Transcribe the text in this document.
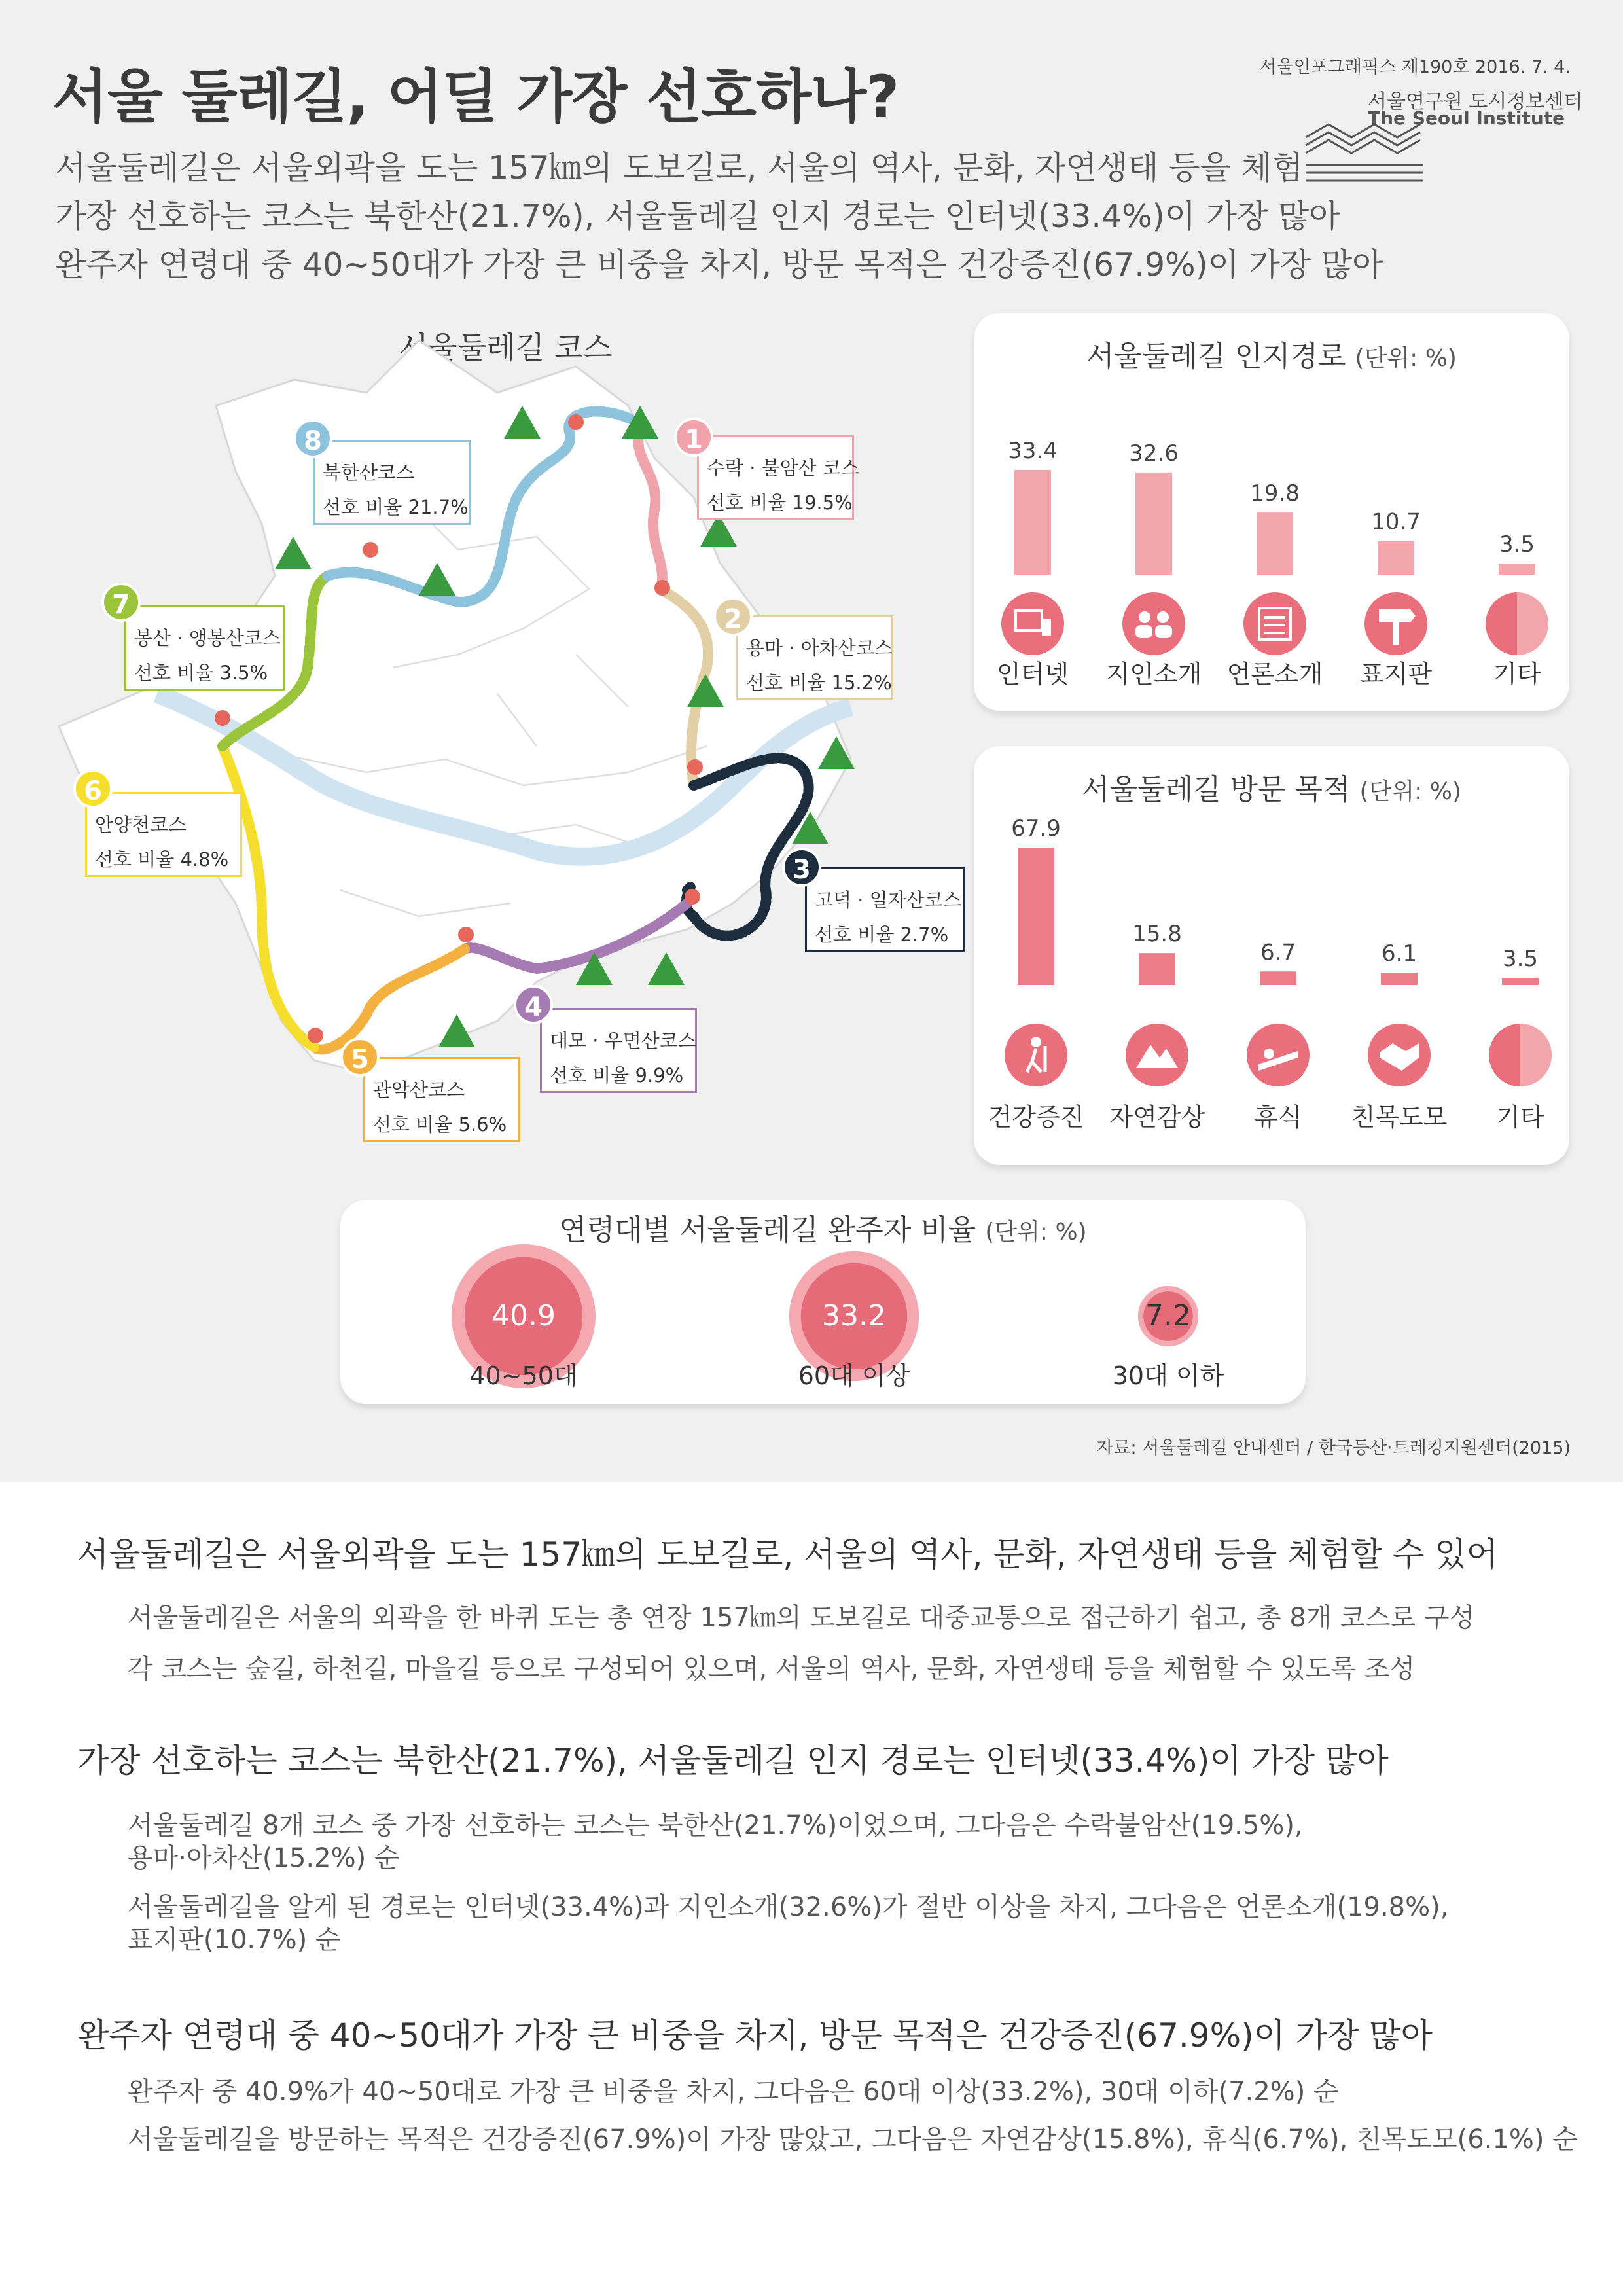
서울 둘레길, 어딜 가장 선호하나?
서울둘레길은 서울외곽을 도는 157㎞의 도보길로, 서울의 역사, 문화, 자연생태 등을 체험
가장 선호하는 코스는 북한산(21.7%), 서울둘레길 인지 경로는 인터넷(33.4%)이 가장 많아
완주자 연령대 중 40~50대가 가장 큰 비중을 차지, 방문 목적은 건강증진(67.9%)이 가장 많아
서울인포그래픽스 제190호 2016. 7. 4.
서울연구원 도시정보센터
The Seoul Institute
서울둘레길 코스
수락 · 불암산 코스
선호 비율 19.5%
1
용마 · 아차산코스
선호 비율 15.2%
2
고덕 · 일자산코스
선호 비율 2.7%
3
대모 · 우면산코스
선호 비율 9.9%
4
관악산코스
선호 비율 5.6%
5
안양천코스
선호 비율 4.8%
6
봉산 · 앵봉산코스
선호 비율 3.5%
7
북한산코스
선호 비율 21.7%
8
서울둘레길 인지경로 (단위: %)
33.4
인터넷
32.6
지인소개
19.8
언론소개
10.7
표지판
3.5
기타
서울둘레길 방문 목적 (단위: %)
67.9
건강증진
15.8
자연감상
6.7
휴식
6.1
친목도모
3.5
기타
연령대별 서울둘레길 완주자 비율 (단위: %)
40.9
40~50대
33.2
60대 이상
7.2
30대 이하
자료: 서울둘레길 안내센터 / 한국등산·트레킹지원센터(2015)
서울둘레길은 서울외곽을 도는 157㎞의 도보길로, 서울의 역사, 문화, 자연생태 등을 체험할 수 있어
서울둘레길은 서울의 외곽을 한 바퀴 도는 총 연장 157㎞의 도보길로 대중교통으로 접근하기 쉽고, 총 8개 코스로 구성
각 코스는 숲길, 하천길, 마을길 등으로 구성되어 있으며, 서울의 역사, 문화, 자연생태 등을 체험할 수 있도록 조성
가장 선호하는 코스는 북한산(21.7%), 서울둘레길 인지 경로는 인터넷(33.4%)이 가장 많아
서울둘레길 8개 코스 중 가장 선호하는 코스는 북한산(21.7%)이었으며, 그다음은 수락불암산(19.5%),
용마·아차산(15.2%) 순
서울둘레길을 알게 된 경로는 인터넷(33.4%)과 지인소개(32.6%)가 절반 이상을 차지, 그다음은 언론소개(19.8%),
표지판(10.7%) 순
완주자 연령대 중 40~50대가 가장 큰 비중을 차지, 방문 목적은 건강증진(67.9%)이 가장 많아
완주자 중 40.9%가 40~50대로 가장 큰 비중을 차지, 그다음은 60대 이상(33.2%), 30대 이하(7.2%) 순
서울둘레길을 방문하는 목적은 건강증진(67.9%)이 가장 많았고, 그다음은 자연감상(15.8%), 휴식(6.7%), 친목도모(6.1%) 순
